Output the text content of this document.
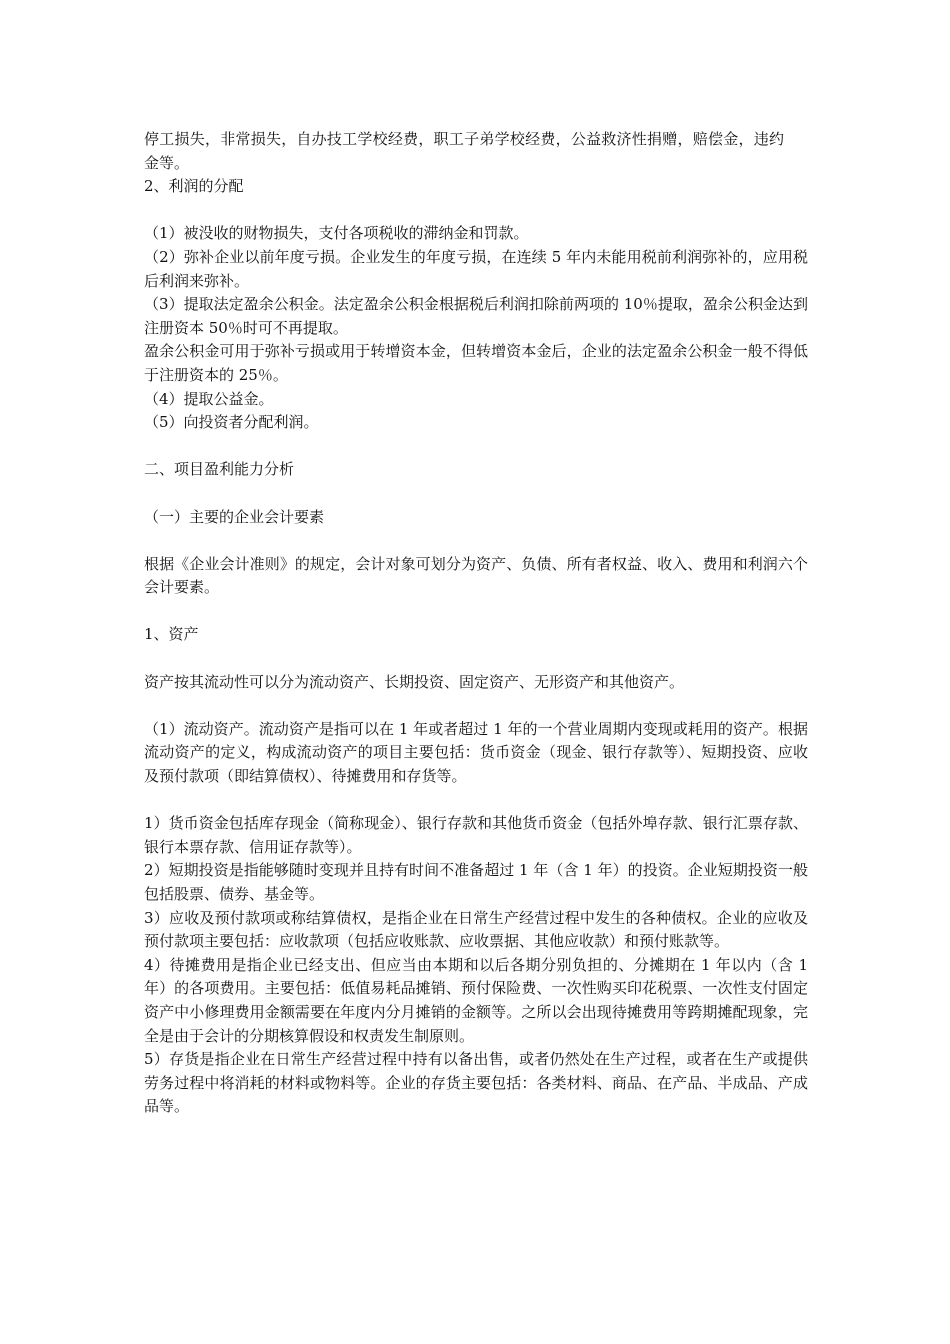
停工损失，非常损失，自办技工学校经费，职工子弟学校经费，公益救济性捐赠，赔偿金，违约金等。

2、利润的分配

（1）被没收的财物损失，支付各项税收的滞纳金和罚款。

（2）弥补企业以前年度亏损。企业发生的年度亏损，在连续 5 年内未能用税前利润弥补的，应用税后利润来弥补。

（3）提取法定盈余公积金。法定盈余公积金根据税后利润扣除前两项的 10％提取，盈余公积金达到注册资本 50％时可不再提取。

盈余公积金可用于弥补亏损或用于转增资本金，但转增资本金后，企业的法定盈余公积金一般不得低于注册资本的 25％。

（4）提取公益金。

（5）向投资者分配利润。

二、项目盈利能力分析

（一）主要的企业会计要素

根据《企业会计准则》的规定，会计对象可划分为资产、负债、所有者权益、收入、费用和利润六个会计要素。

1、资产

资产按其流动性可以分为流动资产、长期投资、固定资产、无形资产和其他资产。

（1）流动资产。流动资产是指可以在 1 年或者超过 1 年的一个营业周期内变现或耗用的资产。根据流动资产的定义，构成流动资产的项目主要包括：货币资金（现金、银行存款等）、短期投资、应收及预付款项（即结算债权）、待摊费用和存货等。

1）货币资金包括库存现金（简称现金）、银行存款和其他货币资金（包括外埠存款、银行汇票存款、银行本票存款、信用证存款等）。

2）短期投资是指能够随时变现并且持有时间不准备超过 1 年（含 1 年）的投资。企业短期投资一般包括股票、债券、基金等。

3）应收及预付款项或称结算债权，是指企业在日常生产经营过程中发生的各种债权。企业的应收及预付款项主要包括：应收款项（包括应收账款、应收票据、其他应收款）和预付账款等。

4）待摊费用是指企业已经支出、但应当由本期和以后各期分别负担的、分摊期在 1 年以内（含 1 年）的各项费用。主要包括：低值易耗品摊销、预付保险费、一次性购买印花税票、一次性支付固定资产中小修理费用金额需要在年度内分月摊销的金额等。之所以会出现待摊费用等跨期摊配现象，完全是由于会计的分期核算假设和权责发生制原则。

5）存货是指企业在日常生产经营过程中持有以备出售，或者仍然处在生产过程，或者在生产或提供劳务过程中将消耗的材料或物料等。企业的存货主要包括：各类材料、商品、在产品、半成品、产成品等。
